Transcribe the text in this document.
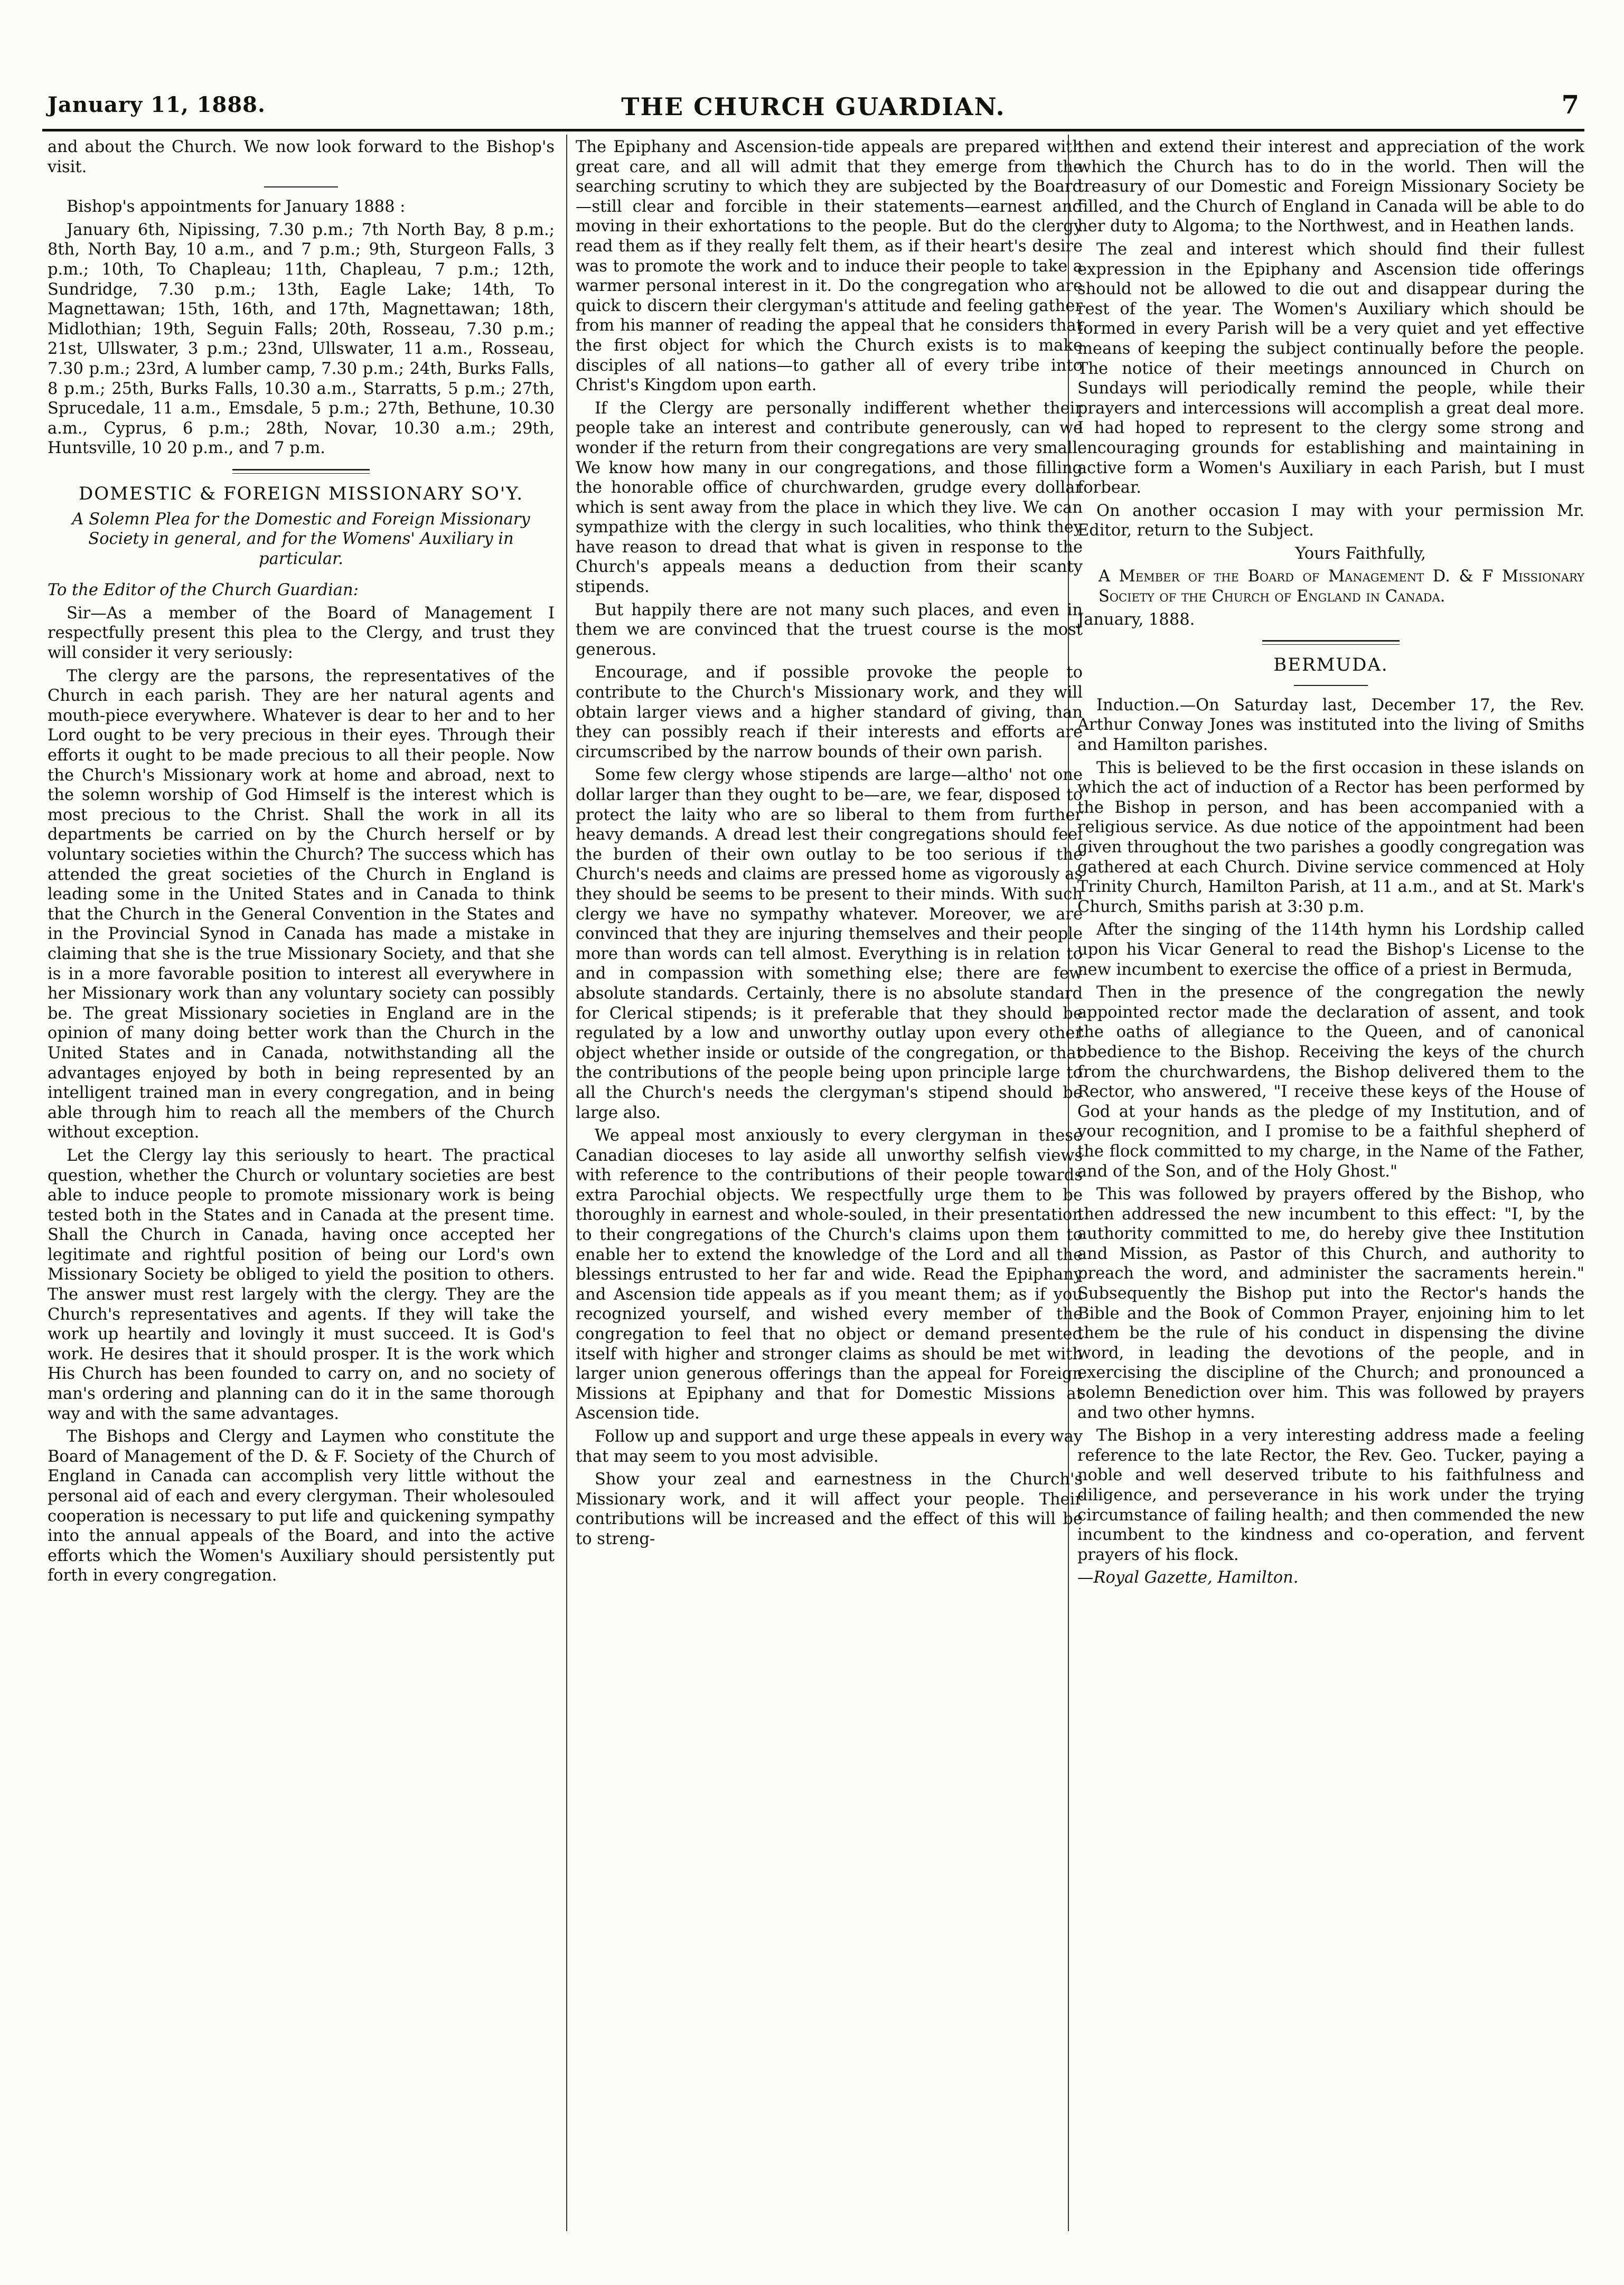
January 11, 1888.	THE CHURCH GUARDIAN.	7

and about the Church. We now look forward to the Bishop's visit.

Bishop's appointments for January 1888 :

January 6th, Nipissing, 7.30 p.m.; 7th North Bay, 8 p.m.; 8th, North Bay, 10 a.m., and 7 p.m.; 9th, Sturgeon Falls, 3 p.m.; 10th, To Chapleau; 11th, Chapleau, 7 p.m.; 12th, Sundridge, 7.30 p.m.; 13th, Eagle Lake; 14th, To Magnettawan; 15th, 16th, and 17th, Magnettawan; 18th, Midlothian; 19th, Seguin Falls; 20th, Rosseau, 7.30 p.m.; 21st, Ullswater, 3 p.m.; 23nd, Ullswater, 11 a.m., Rosseau, 7.30 p.m.; 23rd, A lumber camp, 7.30 p.m.; 24th, Burks Falls, 8 p.m.; 25th, Burks Falls, 10.30 a.m., Starratts, 5 p.m.; 27th, Sprucedale, 11 a.m., Emsdale, 5 p.m.; 27th, Bethune, 10.30 a.m., Cyprus, 6 p.m.; 28th, Novar, 10.30 a.m.; 29th, Huntsville, 10 20 p.m., and 7 p.m.

DOMESTIC & FOREIGN MISSIONARY SO'Y.

A Solemn Plea for the Domestic and Foreign Missionary Society in general, and for the Womens' Auxiliary in particular.

To the Editor of the Church Guardian:

Sir—As a member of the Board of Management I respectfully present this plea to the Clergy, and trust they will consider it very seriously:

The clergy are the parsons, the representatives of the Church in each parish. They are her natural agents and mouth-piece everywhere. Whatever is dear to her and to her Lord ought to be very precious in their eyes. Through their efforts it ought to be made precious to all their people. Now the Church's Missionary work at home and abroad, next to the solemn worship of God Himself is the interest which is most precious to the Christ. Shall the work in all its departments be carried on by the Church herself or by voluntary societies within the Church? The success which has attended the great societies of the Church in England is leading some in the United States and in Canada to think that the Church in the General Convention in the States and in the Provincial Synod in Canada has made a mistake in claiming that she is the true Missionary Society, and that she is in a more favorable position to interest all everywhere in her Missionary work than any voluntary society can possibly be. The great Missionary societies in England are in the opinion of many doing better work than the Church in the United States and in Canada, notwithstanding all the advantages enjoyed by both in being represented by an intelligent trained man in every congregation, and in being able through him to reach all the members of the Church without exception.

Let the Clergy lay this seriously to heart. The practical question, whether the Church or voluntary societies are best able to induce people to promote missionary work is being tested both in the States and in Canada at the present time. Shall the Church in Canada, having once accepted her legitimate and rightful position of being our Lord's own Missionary Society be obliged to yield the position to others. The answer must rest largely with the clergy. They are the Church's representatives and agents. If they will take the work up heartily and lovingly it must succeed. It is God's work. He desires that it should prosper. It is the work which His Church has been founded to carry on, and no society of man's ordering and planning can do it in the same thorough way and with the same advantages.

The Bishops and Clergy and Laymen who constitute the Board of Management of the D. & F. Society of the Church of England in Canada can accomplish very little without the personal aid of each and every clergyman. Their wholesouled cooperation is necessary to put life and quickening sympathy into the annual appeals of the Board, and into the active efforts which the Women's Auxiliary should persistently put forth in every congregation.

The Epiphany and Ascension-tide appeals are prepared with great care, and all will admit that they emerge from the searching scrutiny to which they are subjected by the Board—still clear and forcible in their statements—earnest and moving in their exhortations to the people. But do the clergy read them as if they really felt them, as if their heart's desire was to promote the work and to induce their people to take a warmer personal interest in it. Do the congregation who are quick to discern their clergyman's attitude and feeling gather from his manner of reading the appeal that he considers that the first object for which the Church exists is to make disciples of all nations—to gather all of every tribe into Christ's Kingdom upon earth.

If the Clergy are personally indifferent whether their people take an interest and contribute generously, can we wonder if the return from their congregations are very small. We know how many in our congregations, and those filling the honorable office of churchwarden, grudge every dollar which is sent away from the place in which they live. We can sympathize with the clergy in such localities, who think they have reason to dread that what is given in response to the Church's appeals means a deduction from their scanty stipends.

But happily there are not many such places, and even in them we are convinced that the truest course is the most generous.

Encourage, and if possible provoke the people to contribute to the Church's Missionary work, and they will obtain larger views and a higher standard of giving, than they can possibly reach if their interests and efforts are circumscribed by the narrow bounds of their own parish.

Some few clergy whose stipends are large—altho' not one dollar larger than they ought to be—are, we fear, disposed to protect the laity who are so liberal to them from further heavy demands. A dread lest their congregations should feel the burden of their own outlay to be too serious if the Church's needs and claims are pressed home as vigorously as they should be seems to be present to their minds. With such clergy we have no sympathy whatever. Moreover, we are convinced that they are injuring themselves and their people more than words can tell almost. Everything is in relation to and in compassion with something else; there are few absolute standards. Certainly, there is no absolute standard for Clerical stipends; is it preferable that they should be regulated by a low and unworthy outlay upon every other object whether inside or outside of the congregation, or that the contributions of the people being upon principle large to all the Church's needs the clergyman's stipend should be large also.

We appeal most anxiously to every clergyman in these Canadian dioceses to lay aside all unworthy selfish views with reference to the contributions of their people towards extra Parochial objects. We respectfully urge them to be thoroughly in earnest and whole-souled, in their presentation to their congregations of the Church's claims upon them to enable her to extend the knowledge of the Lord and all the blessings entrusted to her far and wide. Read the Epiphany and Ascension tide appeals as if you meant them; as if you recognized yourself, and wished every member of the congregation to feel that no object or demand presented itself with higher and stronger claims as should be met with larger union generous offerings than the appeal for Foreign Missions at Epiphany and that for Domestic Missions at Ascension tide.

Follow up and support and urge these appeals in every way that may seem to you most advisible.

Show your zeal and earnestness in the Church's Missionary work, and it will affect your people. Their contributions will be increased and the effect of this will be to streng-

then and extend their interest and appreciation of the work which the Church has to do in the world. Then will the treasury of our Domestic and Foreign Missionary Society be filled, and the Church of England in Canada will be able to do her duty to Algoma; to the Northwest, and in Heathen lands.

The zeal and interest which should find their fullest expression in the Epiphany and Ascension tide offerings should not be allowed to die out and disappear during the rest of the year. The Women's Auxiliary which should be formed in every Parish will be a very quiet and yet effective means of keeping the subject continually before the people. The notice of their meetings announced in Church on Sundays will periodically remind the people, while their prayers and intercessions will accomplish a great deal more. I had hoped to represent to the clergy some strong and encouraging grounds for establishing and maintaining in active form a Women's Auxiliary in each Parish, but I must forbear.

On another occasion I may with your permission Mr. Editor, return to the Subject.

Yours Faithfully,

A Member of the Board of Management D. & F Missionary Society of the Church of England in Canada.

January, 1888.

BERMUDA.

Induction.—On Saturday last, December 17, the Rev. Arthur Conway Jones was instituted into the living of Smiths and Hamilton parishes.

This is believed to be the first occasion in these islands on which the act of induction of a Rector has been performed by the Bishop in person, and has been accompanied with a religious service. As due notice of the appointment had been given throughout the two parishes a goodly congregation was gathered at each Church. Divine service commenced at Holy Trinity Church, Hamilton Parish, at 11 a.m., and at St. Mark's Church, Smiths parish at 3:30 p.m.

After the singing of the 114th hymn his Lordship called upon his Vicar General to read the Bishop's License to the new incumbent to exercise the office of a priest in Bermuda,

Then in the presence of the congregation the newly appointed rector made the declaration of assent, and took the oaths of allegiance to the Queen, and of canonical obedience to the Bishop. Receiving the keys of the church from the churchwardens, the Bishop delivered them to the Rector, who answered, "I receive these keys of the House of God at your hands as the pledge of my Institution, and of your recognition, and I promise to be a faithful shepherd of the flock committed to my charge, in the Name of the Father, and of the Son, and of the Holy Ghost."

This was followed by prayers offered by the Bishop, who then addressed the new incumbent to this effect: "I, by the authority committed to me, do hereby give thee Institution and Mission, as Pastor of this Church, and authority to preach the word, and administer the sacraments herein." Subsequently the Bishop put into the Rector's hands the Bible and the Book of Common Prayer, enjoining him to let them be the rule of his conduct in dispensing the divine word, in leading the devotions of the people, and in exercising the discipline of the Church; and pronounced a solemn Benediction over him. This was followed by prayers and two other hymns.

The Bishop in a very interesting address made a feeling reference to the late Rector, the Rev. Geo. Tucker, paying a noble and well deserved tribute to his faithfulness and diligence, and perseverance in his work under the trying circumstance of failing health; and then commended the new incumbent to the kindness and co-operation, and fervent prayers of his flock.

—Royal Gazette, Hamilton.
